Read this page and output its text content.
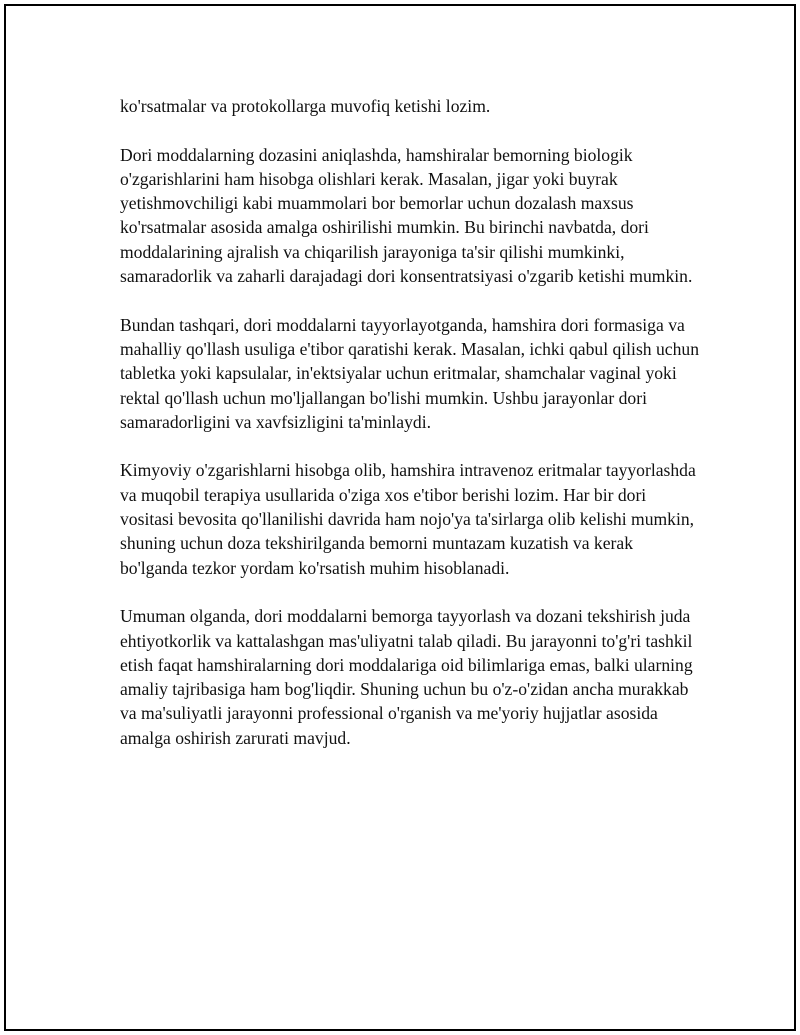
ko'rsatmalar va protokollarga muvofiq ketishi lozim.

Dori moddalarning dozasini aniqlashda, hamshiralar bemorning biologik o'zgarishlarini ham hisobga olishlari kerak. Masalan, jigar yoki buyrak yetishmovchiligi kabi muammolari bor bemorlar uchun dozalash maxsus ko'rsatmalar asosida amalga oshirilishi mumkin. Bu birinchi navbatda, dori moddalarining ajralish va chiqarilish jarayoniga ta'sir qilishi mumkinki, samaradorlik va zaharli darajadagi dori konsentratsiyasi o'zgarib ketishi mumkin.

Bundan tashqari, dori moddalarni tayyorlayotganda, hamshira dori formasiga va mahalliy qo'llash usuliga e'tibor qaratishi kerak. Masalan, ichki qabul qilish uchun tabletka yoki kapsulalar, in'ektsiyalar uchun eritmalar, shamchalar vaginal yoki rektal qo'llash uchun mo'ljallangan bo'lishi mumkin. Ushbu jarayonlar dori samaradorligini va xavfsizligini ta'minlaydi.

Kimyoviy o'zgarishlarni hisobga olib, hamshira intravenoz eritmalar tayyorlashda va muqobil terapiya usullarida o'ziga xos e'tibor berishi lozim. Har bir dori vositasi bevosita qo'llanilishi davrida ham nojo'ya ta'sirlarga olib kelishi mumkin, shuning uchun doza tekshirilganda bemorni muntazam kuzatish va kerak bo'lganda tezkor yordam ko'rsatish muhim hisoblanadi.

Umuman olganda, dori moddalarni bemorga tayyorlash va dozani tekshirish juda ehtiyotkorlik va kattalashgan mas'uliyatni talab qiladi. Bu jarayonni to'g'ri tashkil etish faqat hamshiralarning dori moddalariga oid bilimlariga emas, balki ularning amaliy tajribasiga ham bog'liqdir. Shuning uchun bu o'z-o'zidan ancha murakkab va ma'suliyatli jarayonni professional o'rganish va me'yoriy hujjatlar asosida amalga oshirish zarurati mavjud.
